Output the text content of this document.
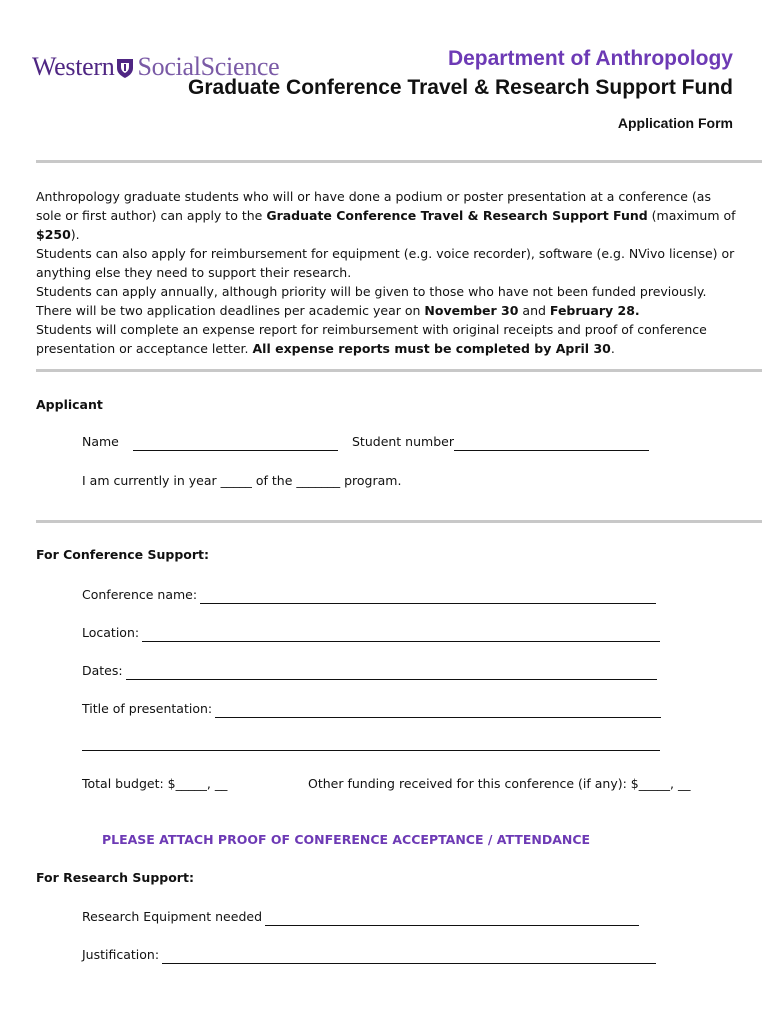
Western SocialScience	Department of Anthropology
Graduate Conference Travel & Research Support Fund
Application Form

Anthropology graduate students who will or have done a podium or poster presentation at a conference (as sole or first author) can apply to the Graduate Conference Travel & Research Support Fund (maximum of $250).

Students can also apply for reimbursement for equipment (e.g. voice recorder), software (e.g. NVivo license) or anything else they need to support their research.

Students can apply annually, although priority will be given to those who have not been funded previously.

There will be two application deadlines per academic year on November 30 and February 28.

Students will complete an expense report for reimbursement with original receipts and proof of conference presentation or acceptance letter. All expense reports must be completed by April 30.

Applicant
Name	Student number
I am currently in year _____ of the _______ program.
For Conference Support:
Conference name:
Location:
Dates:
Title of presentation:
Total budget: $_____, __	Other funding received for this conference (if any): $_____, __
PLEASE ATTACH PROOF OF CONFERENCE ACCEPTANCE / ATTENDANCE
For Research Support:
Research Equipment needed
Justification:
